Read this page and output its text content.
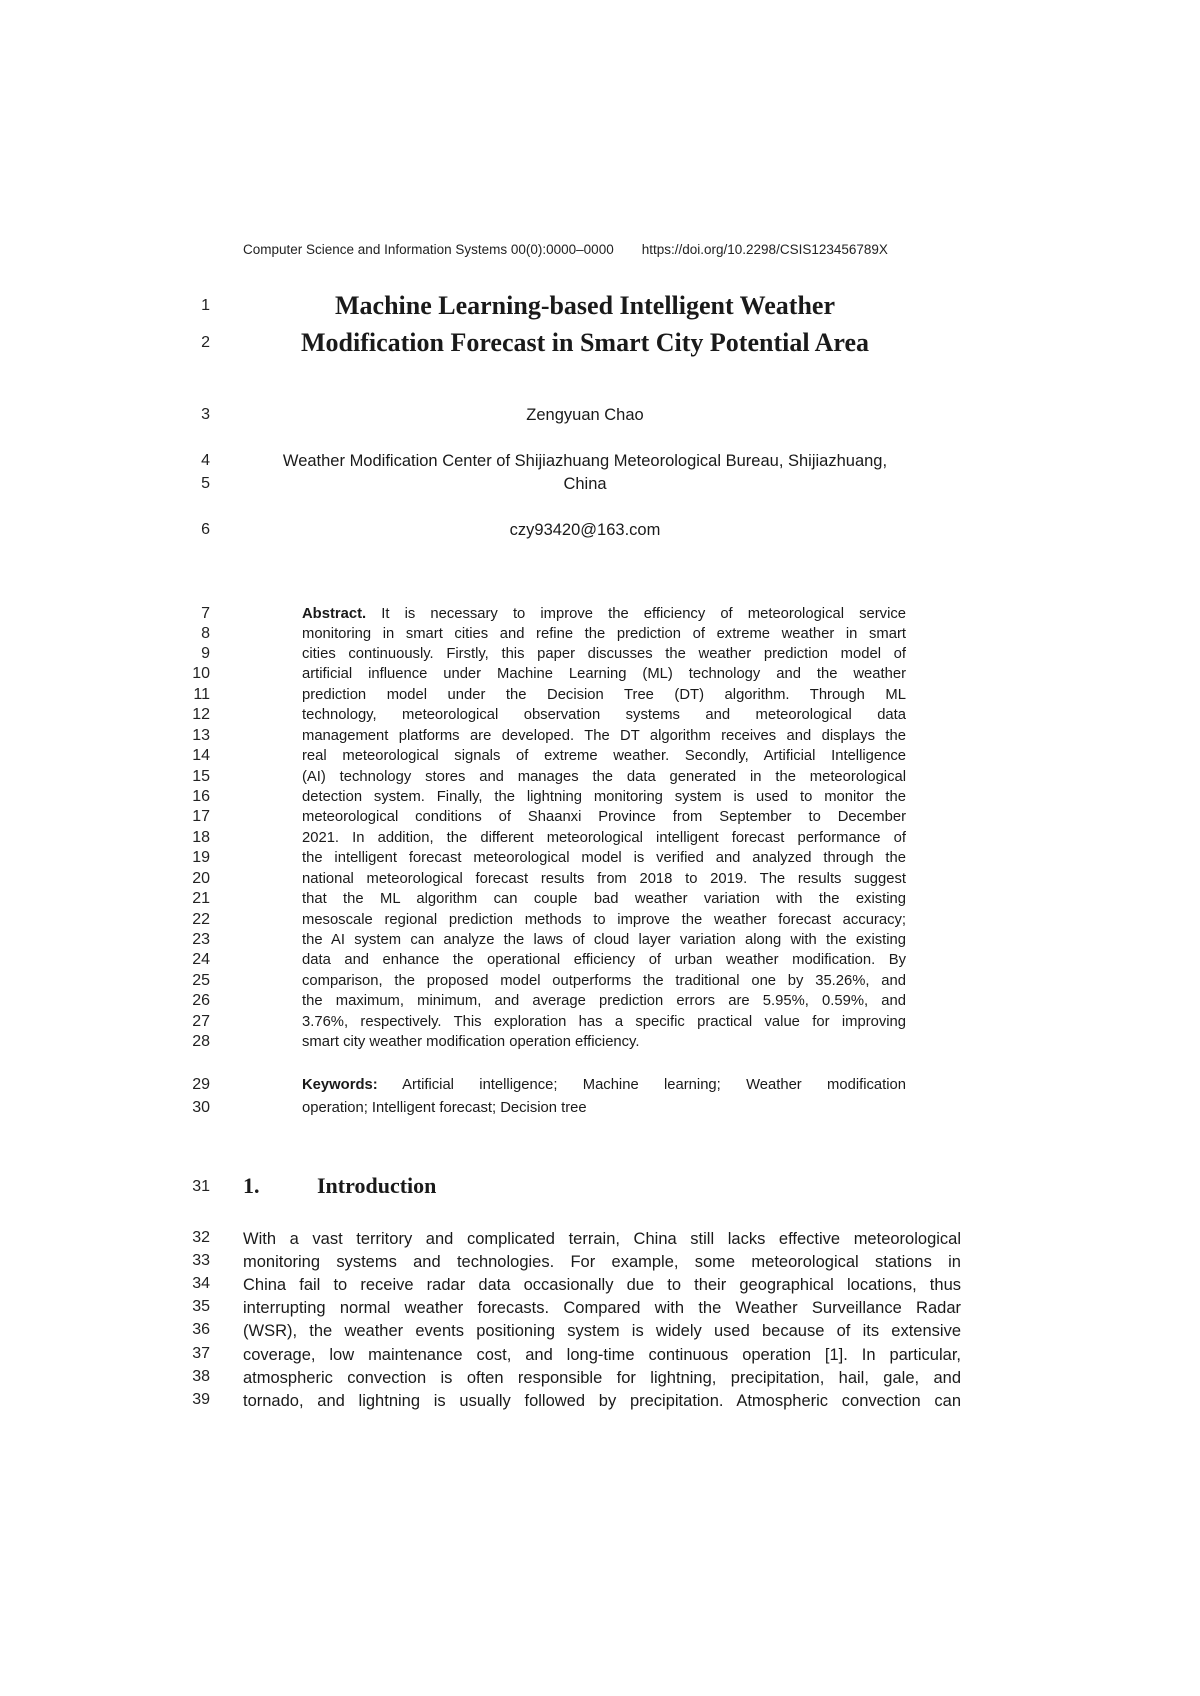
Computer Science and Information Systems 00(0):0000–0000 https://doi.org/10.2298/CSIS123456789X
1
2
3
4
5
6
7
8
9
10
11
12
13
14
15
16
17
18
19
20
21
22
23
24
25
26
27
28
29
30
31
32
33
34
35
36
37
38
39
Machine Learning-based Intelligent Weather
Modification Forecast in Smart City Potential Area
Zengyuan Chao
Weather Modification Center of Shijiazhuang Meteorological Bureau, Shijiazhuang,
China
czy93420@163.com
Abstract. It is necessary to improve the efficiency of meteorological service
monitoring in smart cities and refine the prediction of extreme weather in smart
cities continuously. Firstly, this paper discusses the weather prediction model of
artificial influence under Machine Learning (ML) technology and the weather
prediction model under the Decision Tree (DT) algorithm. Through ML
technology, meteorological observation systems and meteorological data
management platforms are developed. The DT algorithm receives and displays the
real meteorological signals of extreme weather. Secondly, Artificial Intelligence
(AI) technology stores and manages the data generated in the meteorological
detection system. Finally, the lightning monitoring system is used to monitor the
meteorological conditions of Shaanxi Province from September to December
2021. In addition, the different meteorological intelligent forecast performance of
the intelligent forecast meteorological model is verified and analyzed through the
national meteorological forecast results from 2018 to 2019. The results suggest
that the ML algorithm can couple bad weather variation with the existing
mesoscale regional prediction methods to improve the weather forecast accuracy;
the AI system can analyze the laws of cloud layer variation along with the existing
data and enhance the operational efficiency of urban weather modification. By
comparison, the proposed model outperforms the traditional one by 35.26%, and
the maximum, minimum, and average prediction errors are 5.95%, 0.59%, and
3.76%, respectively. This exploration has a specific practical value for improving
smart city weather modification operation efficiency.
Keywords: Artificial intelligence; Machine learning; Weather modification
operation; Intelligent forecast; Decision tree
1.	Introduction
With a vast territory and complicated terrain, China still lacks effective meteorological
monitoring systems and technologies. For example, some meteorological stations in
China fail to receive radar data occasionally due to their geographical locations, thus
interrupting normal weather forecasts. Compared with the Weather Surveillance Radar
(WSR), the weather events positioning system is widely used because of its extensive
coverage, low maintenance cost, and long-time continuous operation [1]. In particular,
atmospheric convection is often responsible for lightning, precipitation, hail, gale, and
tornado, and lightning is usually followed by precipitation. Atmospheric convection can
